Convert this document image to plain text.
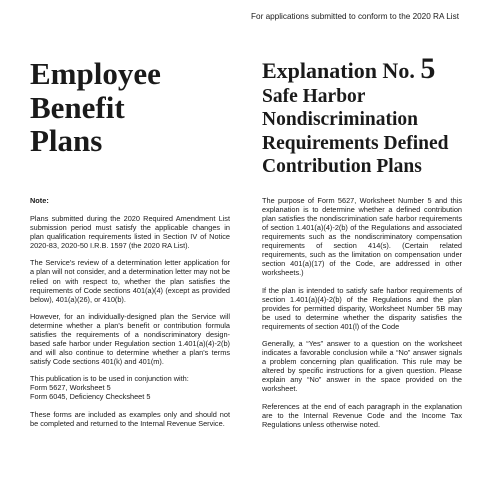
For applications submitted to conform to the 2020 RA List
Employee
Benefit
Plans
Explanation No. 5
Safe Harbor
Nondiscrimination
Requirements Defined
Contribution Plans
Note:

Plans submitted during the 2020 Required Amendment List submission period must satisfy the applicable changes in plan qualification requirements listed in Section IV of Notice 2020-83, 2020-50 I.R.B. 1597 (the 2020 RA List).

The Service's review of a determination letter application for a plan will not consider, and a determination letter may not be relied on with respect to, whether the plan satisfies the requirements of Code sections 401(a)(4) (except as provided below), 401(a)(26), or 410(b).

However, for an individually-designed plan the Service will determine whether a plan's benefit or contribution formula satisfies the requirements of a nondiscriminatory design-based safe harbor under Regulation section 1.401(a)(4)-2(b) and will also continue to determine whether a plan's terms satisfy Code sections 401(k) and 401(m).

This publication is to be used in conjunction with:
Form 5627, Worksheet 5
Form 6045, Deficiency Checksheet 5

These forms are included as examples only and should not be completed and returned to the Internal Revenue Service.

The purpose of Form 5627, Worksheet Number 5 and this explanation is to determine whether a defined contribution plan satisfies the nondiscrimination safe harbor requirements of section 1.401(a)(4)-2(b) of the Regulations and associated requirements such as the nondiscriminatory compensation requirements of section 414(s). (Certain related requirements, such as the limitation on compensation under section 401(a)(17) of the Code, are addressed in other worksheets.)

If the plan is intended to satisfy safe harbor requirements of section 1.401(a)(4)-2(b) of the Regulations and the plan provides for permitted disparity, Worksheet Number 5B may be used to determine whether the disparity satisfies the requirements of section 401(l) of the Code

Generally, a “Yes” answer to a question on the worksheet indicates a favorable conclusion while a “No” answer signals a problem concerning plan qualification. This rule may be altered by specific instructions for a given question. Please explain any “No” answer in the space provided on the worksheet.

References at the end of each paragraph in the explanation are to the Internal Revenue Code and the Income Tax Regulations unless otherwise noted.
